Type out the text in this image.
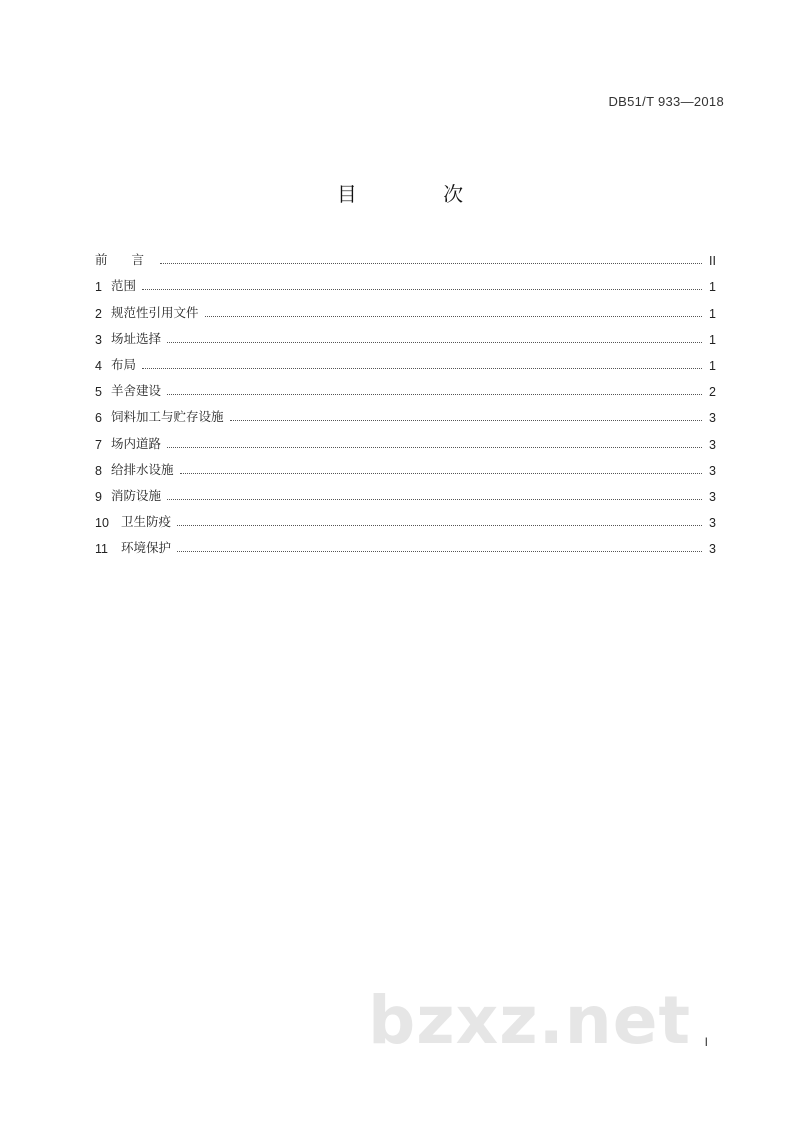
DB51/T 933—2018
目 次
前 言	II
1 范围	1
2 规范性引用文件	1
3 场址选择	1
4 布局	1
5 羊舍建设	2
6 饲料加工与贮存设施	3
7 场内道路	3
8 给排水设施	3
9 消防设施	3
10 卫生防疫	3
11	环境保护	3
bzxz.net I
